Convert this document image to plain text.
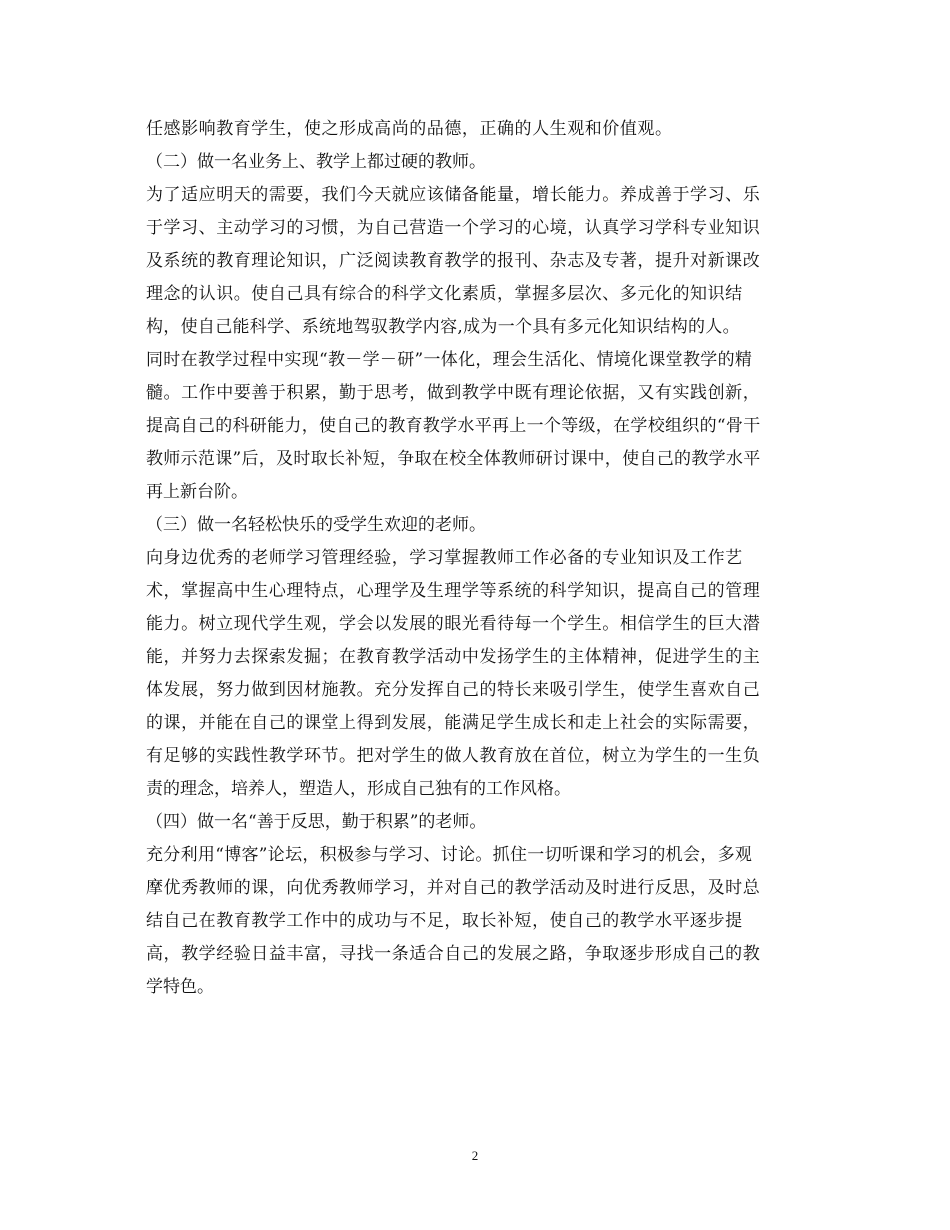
任感影响教育学生，使之形成高尚的品德，正确的人生观和价值观。
（二）做一名业务上、教学上都过硬的教师。
为了适应明天的需要，我们今天就应该储备能量，增长能力。养成善于学习、乐
于学习、主动学习的习惯，为自己营造一个学习的心境，认真学习学科专业知识
及系统的教育理论知识，广泛阅读教育教学的报刊、杂志及专著，提升对新课改
理念的认识。使自己具有综合的科学文化素质，掌握多层次、多元化的知识结
构，使自己能科学、系统地驾驭教学内容,成为一个具有多元化知识结构的人。
同时在教学过程中实现“教－学－研”一体化，理会生活化、情境化课堂教学的精
髓。工作中要善于积累，勤于思考，做到教学中既有理论依据，又有实践创新，
提高自己的科研能力，使自己的教育教学水平再上一个等级，在学校组织的“骨干
教师示范课”后，及时取长补短，争取在校全体教师研讨课中，使自己的教学水平
再上新台阶。
（三）做一名轻松快乐的受学生欢迎的老师。
向身边优秀的老师学习管理经验，学习掌握教师工作必备的专业知识及工作艺
术，掌握高中生心理特点，心理学及生理学等系统的科学知识，提高自己的管理
能力。树立现代学生观，学会以发展的眼光看待每一个学生。相信学生的巨大潜
能，并努力去探索发掘；在教育教学活动中发扬学生的主体精神，促进学生的主
体发展，努力做到因材施教。充分发挥自己的特长来吸引学生，使学生喜欢自己
的课，并能在自己的课堂上得到发展，能满足学生成长和走上社会的实际需要，
有足够的实践性教学环节。把对学生的做人教育放在首位，树立为学生的一生负
责的理念，培养人，塑造人，形成自己独有的工作风格。
（四）做一名“善于反思，勤于积累”的老师。
充分利用“博客”论坛，积极参与学习、讨论。抓住一切听课和学习的机会，多观
摩优秀教师的课，向优秀教师学习，并对自己的教学活动及时进行反思，及时总
结自己在教育教学工作中的成功与不足，取长补短，使自己的教学水平逐步提
高，教学经验日益丰富，寻找一条适合自己的发展之路，争取逐步形成自己的教
学特色。
2
